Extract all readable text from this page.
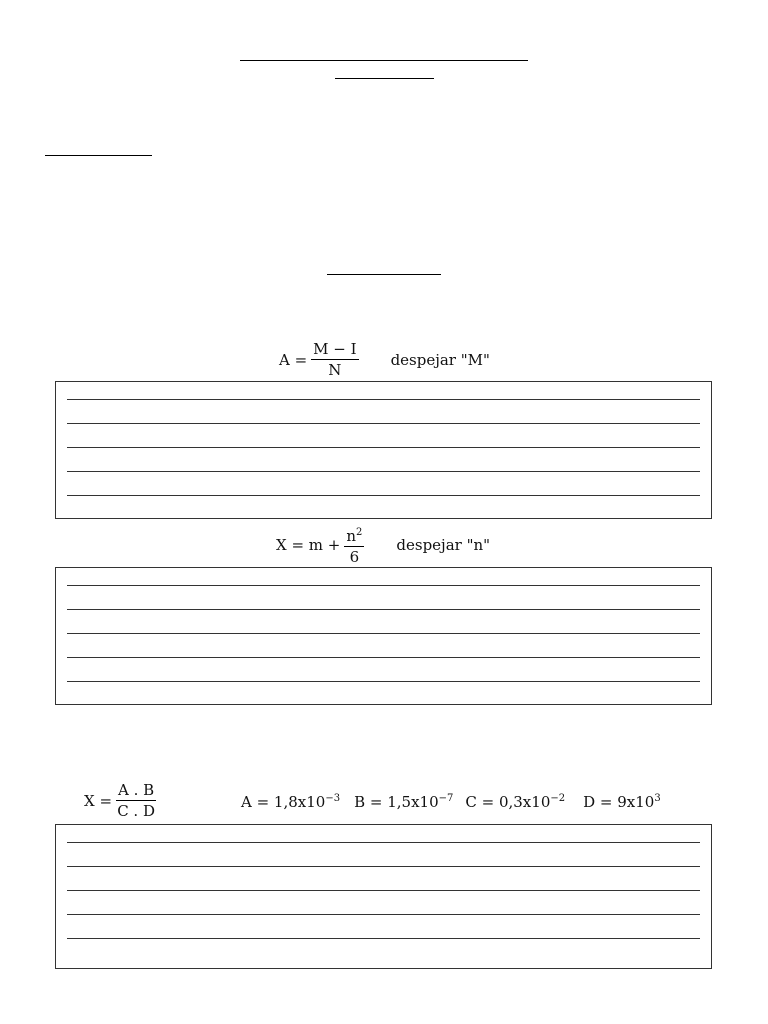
$A = \frac{M - I}{N}$ despejar "M"
$X = m + \frac{n^2}{6}$ despejar "n"
$X = \frac{A . B}{C . D}$	$A = 1,8x10^{-3}$ $B = 1,5x10^{-7}$ $C = 0,3x10^{-2}$ $D = 9x10^3$
